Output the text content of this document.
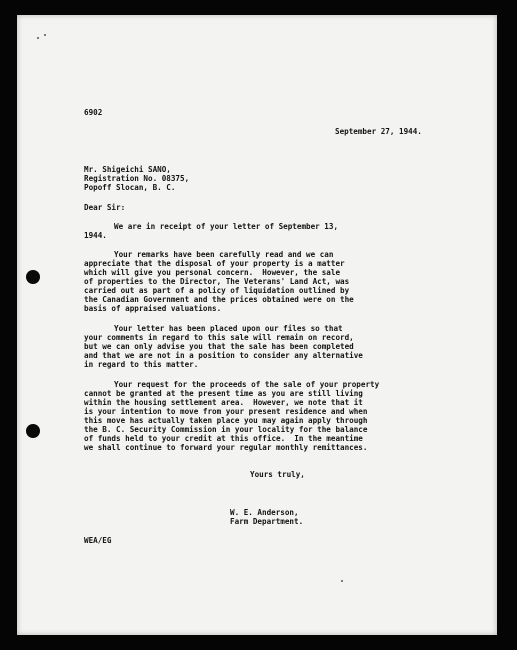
6902
September 27, 1944.
Mr. Shigeichi SANO,
Registration No. 08375,
Popoff Slocan, B. C.
Dear Sir:
We are in receipt of your letter of September 13,
1944.
Your remarks have been carefully read and we can
appreciate that the disposal of your property is a matter
which will give you personal concern.  However, the sale
of properties to the Director, The Veterans' Land Act, was
carried out as part of a policy of liquidation outlined by
the Canadian Government and the prices obtained were on the
basis of appraised valuations.
Your letter has been placed upon our files so that
your comments in regard to this sale will remain on record,
but we can only advise you that the sale has been completed
and that we are not in a position to consider any alternative
in regard to this matter.
Your request for the proceeds of the sale of your property
cannot be granted at the present time as you are still living
within the housing settlement area.  However, we note that it
is your intention to move from your present residence and when
this move has actually taken place you may again apply through
the B. C. Security Commission in your locality for the balance
of funds held to your credit at this office.  In the meantime
we shall continue to forward your regular monthly remittances.
Yours truly,
W. E. Anderson,
Farm Department.
WEA/EG
